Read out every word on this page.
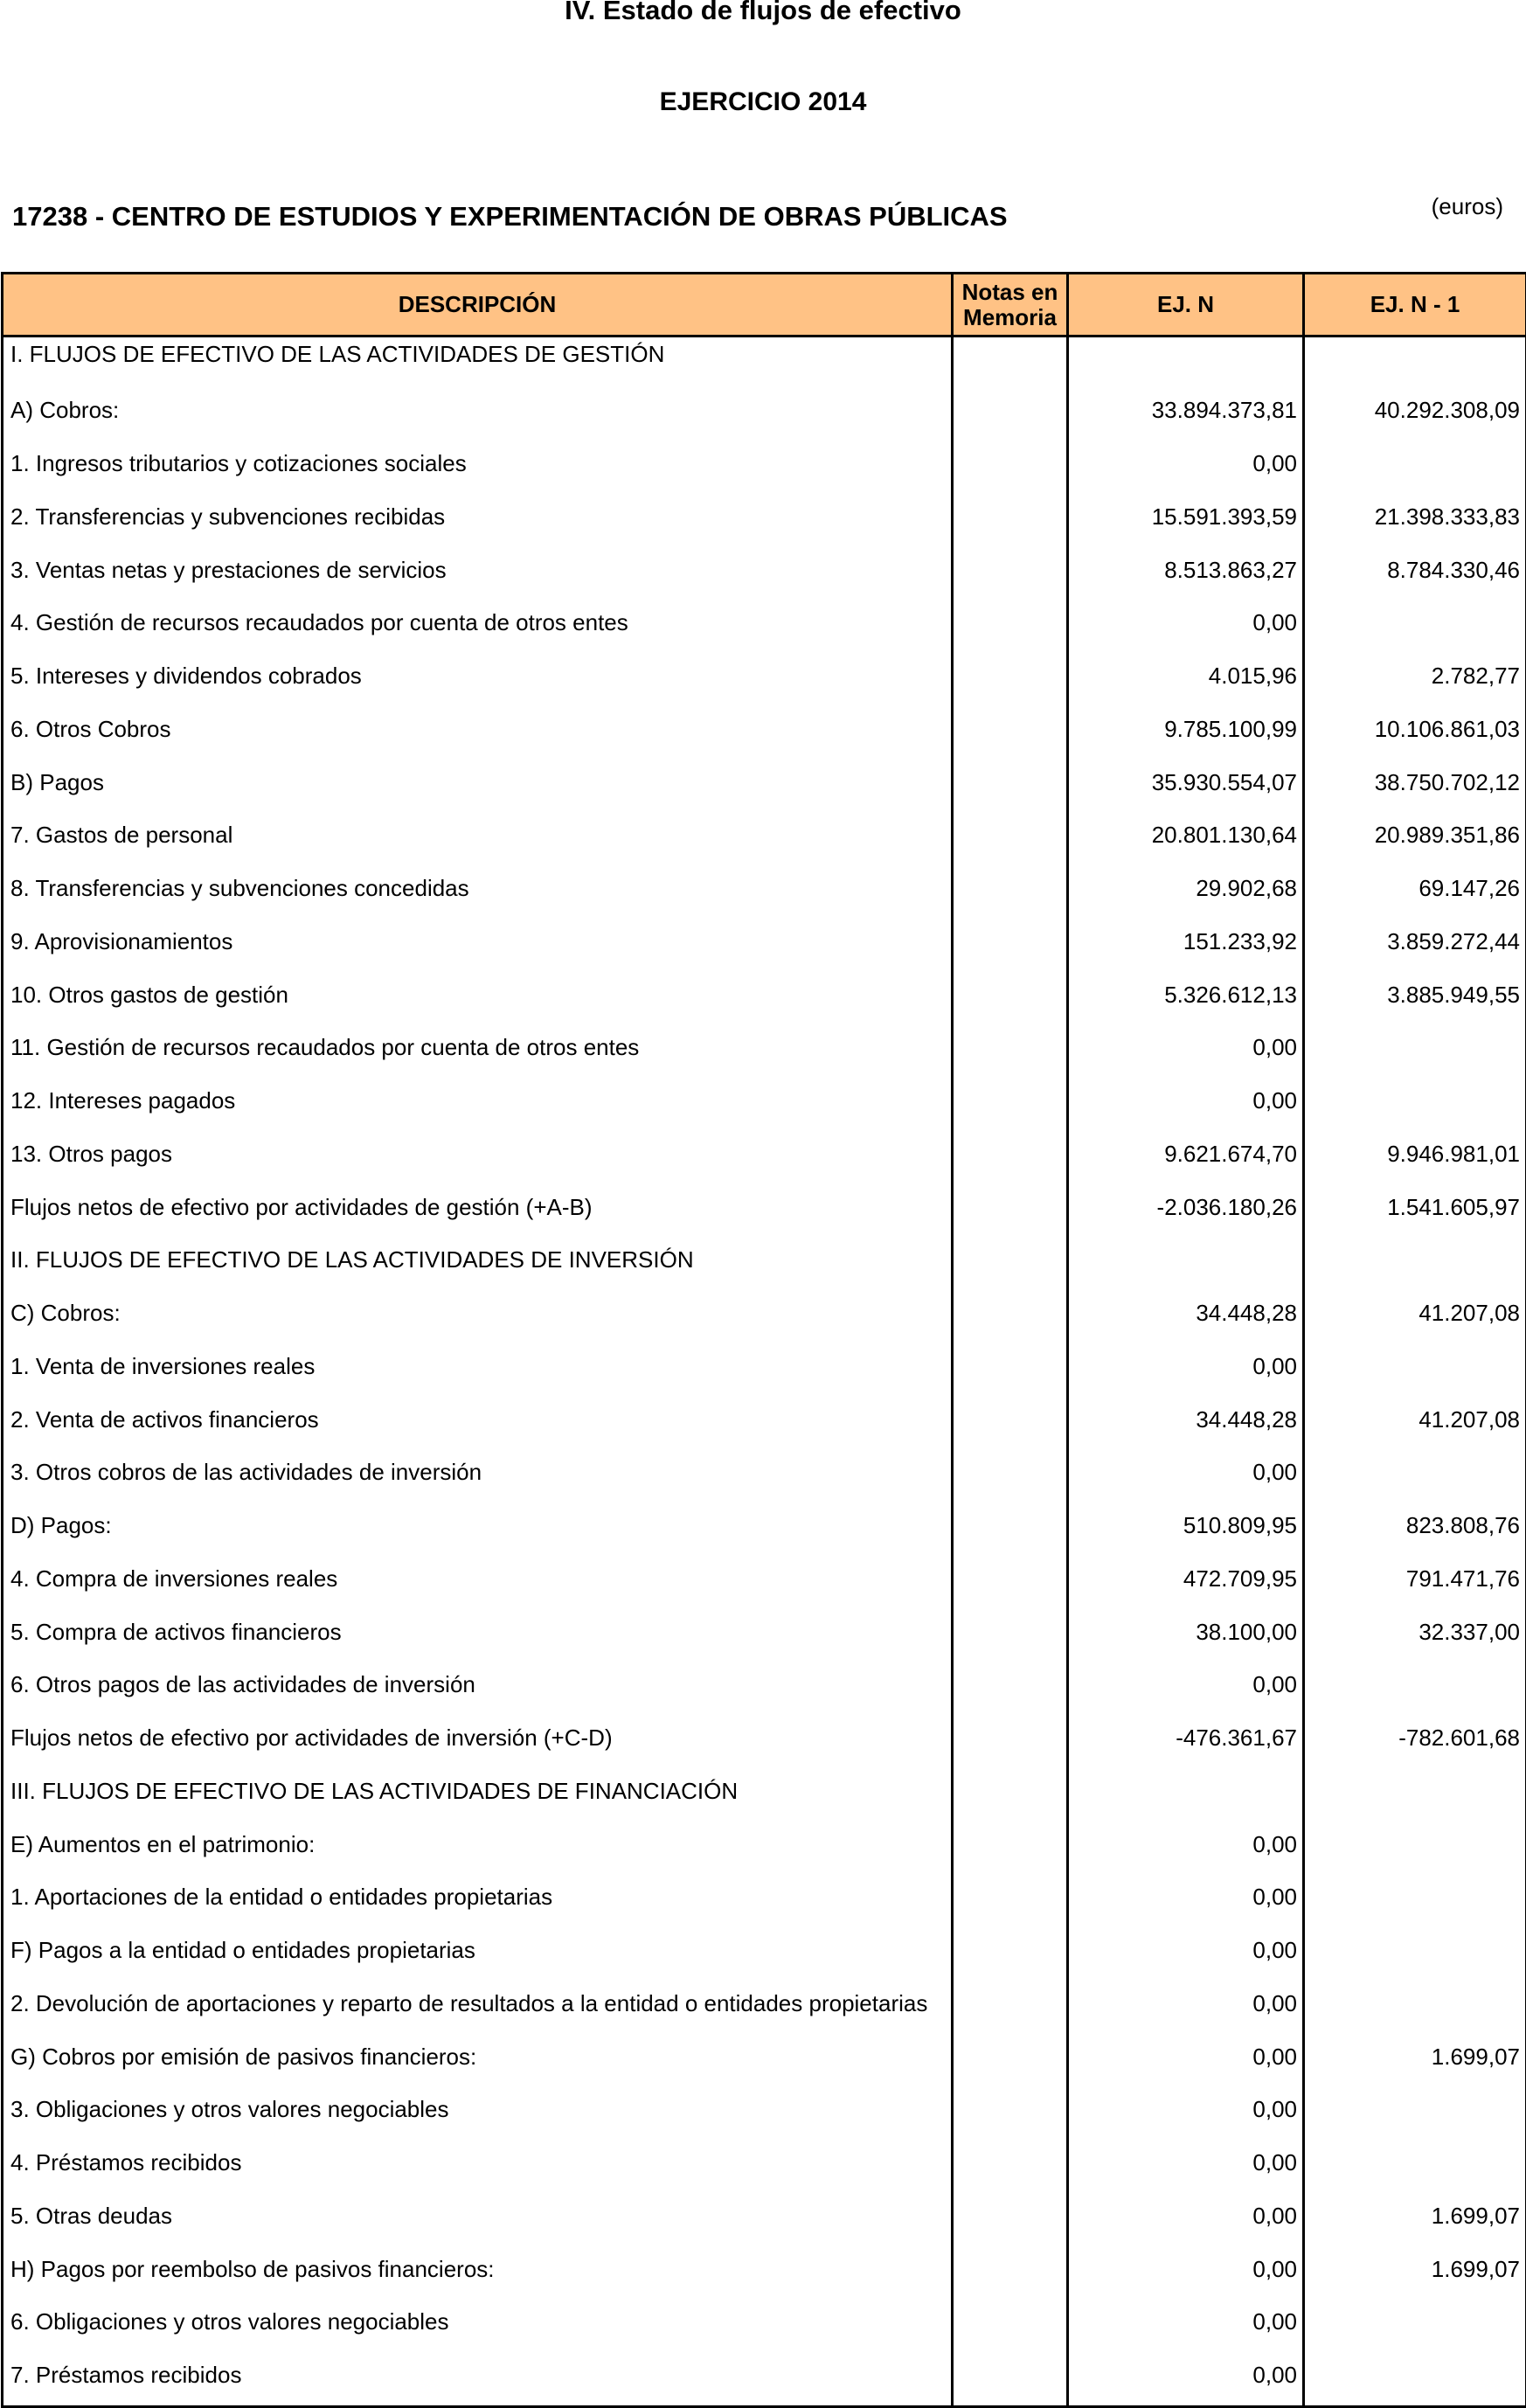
IV. Estado de flujos de efectivo
EJERCICIO 2014
17238 - CENTRO DE ESTUDIOS Y EXPERIMENTACIÓN DE OBRAS PÚBLICAS	(euros)
DESCRIPCIÓN	Notas en Memoria	EJ. N	EJ. N - 1
I. FLUJOS DE EFECTIVO DE LAS ACTIVIDADES DE GESTIÓN			
A) Cobros:		33.894.373,81	40.292.308,09
1. Ingresos tributarios y cotizaciones sociales		0,00	
2. Transferencias y subvenciones recibidas		15.591.393,59	21.398.333,83
3. Ventas netas y prestaciones de servicios		8.513.863,27	8.784.330,46
4. Gestión de recursos recaudados por cuenta de otros entes		0,00	
5. Intereses y dividendos cobrados		4.015,96	2.782,77
6. Otros Cobros		9.785.100,99	10.106.861,03
B) Pagos		35.930.554,07	38.750.702,12
7. Gastos de personal		20.801.130,64	20.989.351,86
8. Transferencias y subvenciones concedidas		29.902,68	69.147,26
9. Aprovisionamientos		151.233,92	3.859.272,44
10. Otros gastos de gestión		5.326.612,13	3.885.949,55
11. Gestión de recursos recaudados por cuenta de otros entes		0,00	
12. Intereses pagados		0,00	
13. Otros pagos		9.621.674,70	9.946.981,01
Flujos netos de efectivo por actividades de gestión (+A-B)		-2.036.180,26	1.541.605,97
II. FLUJOS DE EFECTIVO DE LAS ACTIVIDADES DE INVERSIÓN			
C) Cobros:		34.448,28	41.207,08
1. Venta de inversiones reales		0,00	
2. Venta de activos financieros		34.448,28	41.207,08
3. Otros cobros de las actividades de inversión		0,00	
D) Pagos:		510.809,95	823.808,76
4. Compra de inversiones reales		472.709,95	791.471,76
5. Compra de activos financieros		38.100,00	32.337,00
6. Otros pagos de las actividades de inversión		0,00	
Flujos netos de efectivo por actividades de inversión (+C-D)		-476.361,67	-782.601,68
III. FLUJOS DE EFECTIVO DE LAS ACTIVIDADES DE FINANCIACIÓN			
E) Aumentos en el patrimonio:		0,00	
1. Aportaciones de la entidad o entidades propietarias		0,00	
F) Pagos a la entidad o entidades propietarias		0,00	
2. Devolución de aportaciones y reparto de resultados a la entidad o entidades propietarias		0,00	
G) Cobros por emisión de pasivos financieros:		0,00	1.699,07
3. Obligaciones y otros valores negociables		0,00	
4. Préstamos recibidos		0,00	
5. Otras deudas		0,00	1.699,07
H) Pagos por reembolso de pasivos financieros:		0,00	1.699,07
6. Obligaciones y otros valores negociables		0,00	
7. Préstamos recibidos		0,00	
